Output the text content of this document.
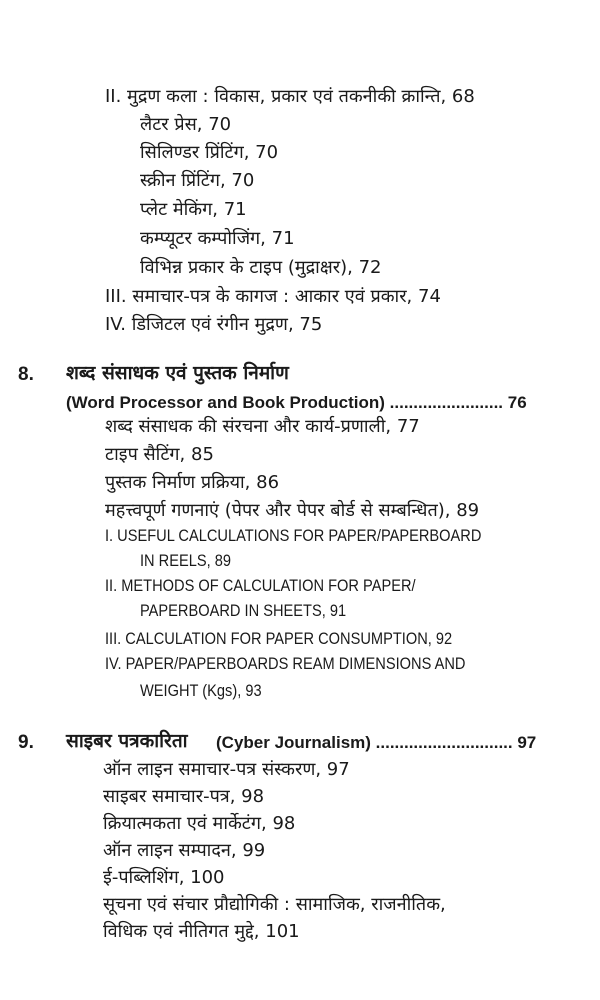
II. मुद्रण कला : विकास, प्रकार एवं तकनीकी क्रान्ति, 68
लैटर प्रेस, 70
सिलिण्डर प्रिंटिंग, 70
स्क्रीन प्रिंटिंग, 70
प्लेट मेकिंग, 71
कम्प्यूटर कम्पोजिंग, 71
विभिन्न प्रकार के टाइप (मुद्राक्षर), 72
III. समाचार-पत्र के कागज : आकार एवं प्रकार, 74
IV. डिजिटल एवं रंगीन मुद्रण, 75
8. शब्द संसाधक एवं पुस्तक निर्माण
(Word Processor and Book Production) ........................ 76
शब्द संसाधक की संरचना और कार्य-प्रणाली, 77
टाइप सैटिंग, 85
पुस्तक निर्माण प्रक्रिया, 86
महत्त्वपूर्ण गणनाएं (पेपर और पेपर बोर्ड से सम्बन्धित), 89
I. USEFUL CALCULATIONS FOR PAPER/PAPERBOARD
IN REELS, 89
II. METHODS OF CALCULATION FOR PAPER/
PAPERBOARD IN SHEETS, 91
III. CALCULATION FOR PAPER CONSUMPTION, 92
IV. PAPER/PAPERBOARDS REAM DIMENSIONS AND
WEIGHT (Kgs), 93
9. साइबर पत्रकारिता (Cyber Journalism) ............................. 97
ऑन लाइन समाचार-पत्र संस्करण, 97
साइबर समाचार-पत्र, 98
क्रियात्मकता एवं मार्केटंग, 98
ऑन लाइन सम्पादन, 99
ई-पब्लिशिंग, 100
सूचना एवं संचार प्रौद्योगिकी : सामाजिक, राजनीतिक,
विधिक एवं नीतिगत मुद्दे, 101
